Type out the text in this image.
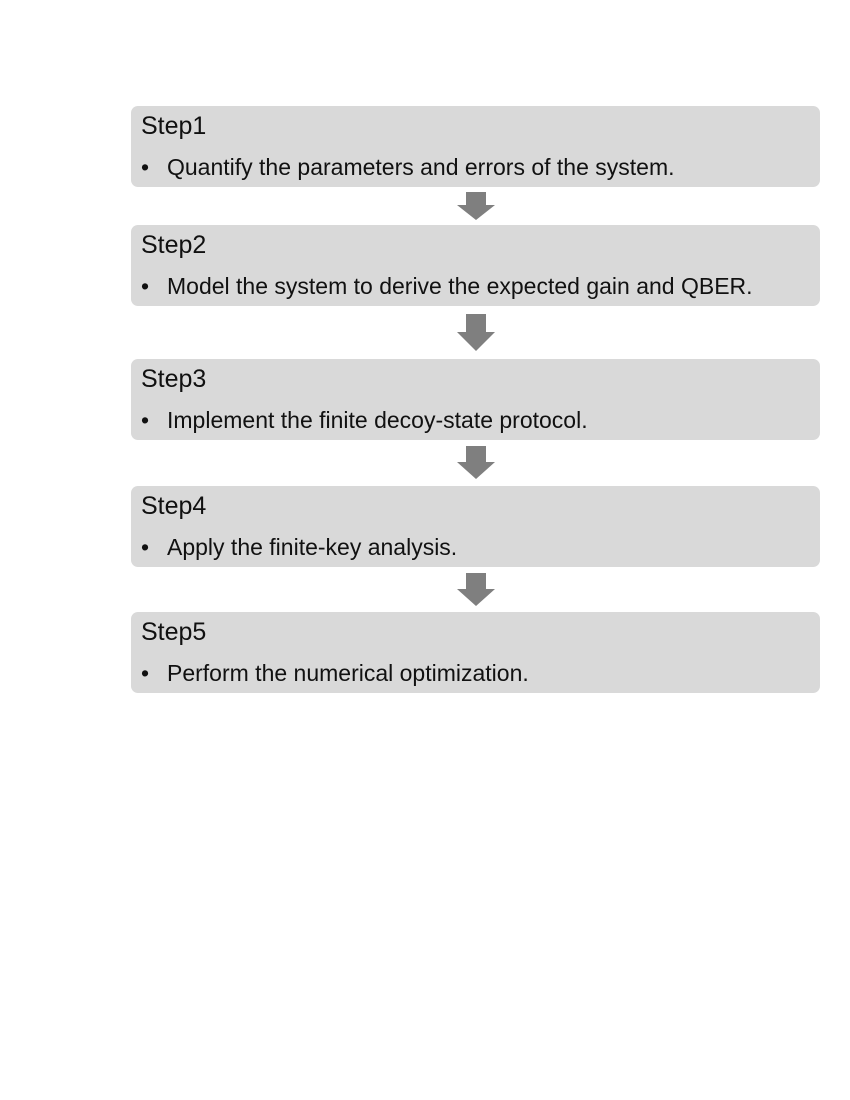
Step1
• Quantify the parameters and errors of the system.
Step2
• Model the system to derive the expected gain and QBER.
Step3
• Implement the finite decoy-state protocol.
Step4
• Apply the finite-key analysis.
Step5
• Perform the numerical optimization.
